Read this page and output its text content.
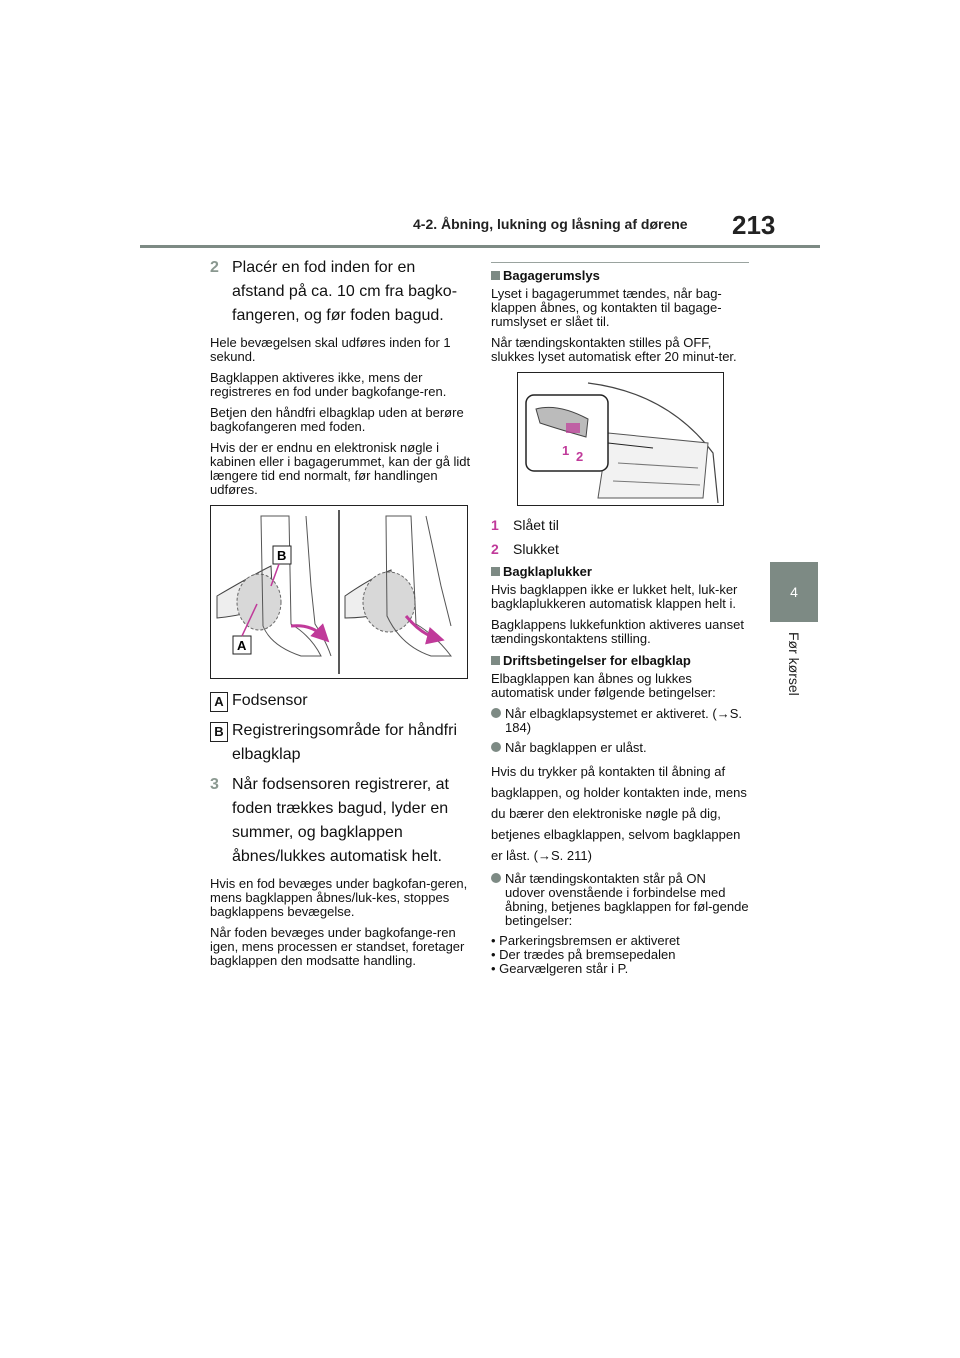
4-2. Åbning, lukning og låsning af dørene 213
4
Før kørsel
2 Placér en fod inden for en afstand på ca. 10 cm fra bagko-fangeren, og før foden bagud.

Hele bevægelsen skal udføres inden for 1 sekund.

Bagklappen aktiveres ikke, mens der registreres en fod under bagkofange-ren.

Betjen den håndfri elbagklap uden at berøre bagkofangeren med foden.

Hvis der er endnu en elektronisk nøgle i kabinen eller i bagagerummet, kan der gå lidt længere tid end normalt, før handlingen udføres.

B
A
A Fodsensor
B Registreringsområde for håndfri elbagklap
3 Når fodsensoren registrerer, at foden trækkes bagud, lyder en summer, og bagklappen åbnes/lukkes automatisk helt.

Hvis en fod bevæges under bagkofan-geren, mens bagklappen åbnes/luk-kes, stoppes bagklappens bevægelse.

Når foden bevæges under bagkofange-ren igen, mens processen er standset, foretager bagklappen den modsatte handling.

Bagagerumslys

Lyset i bagagerummet tændes, når bag-klappen åbnes, og kontakten til bagage-rumslyset er slået til.

Når tændingskontakten stilles på OFF, slukkes lyset automatisk efter 20 minut-ter.

1 2
1 Slået til
2 Slukket
Bagklaplukker

Hvis bagklappen ikke er lukket helt, luk-ker bagklaplukkeren automatisk klappen helt i.

Bagklappens lukkefunktion aktiveres uanset tændingskontaktens stilling.

Driftsbetingelser for elbagklap

Elbagklappen kan åbnes og lukkes automatisk under følgende betingelser:

Når elbagklapsystemet er aktiveret. (→S. 184)
Når bagklappen er ulåst.

Hvis du trykker på kontakten til åbning af bagklappen, og holder kontakten inde, mens du bærer den elektroniske nøgle på dig, betjenes elbagklappen, selvom bagklappen er låst. (→S. 211)

Når tændingskontakten står på ON udover ovenstående i forbindelse med åbning, betjenes bagklappen for føl-gende betingelser:

• Parkeringsbremsen er aktiveret

• Der trædes på bremsepedalen

• Gearvælgeren står i P.
